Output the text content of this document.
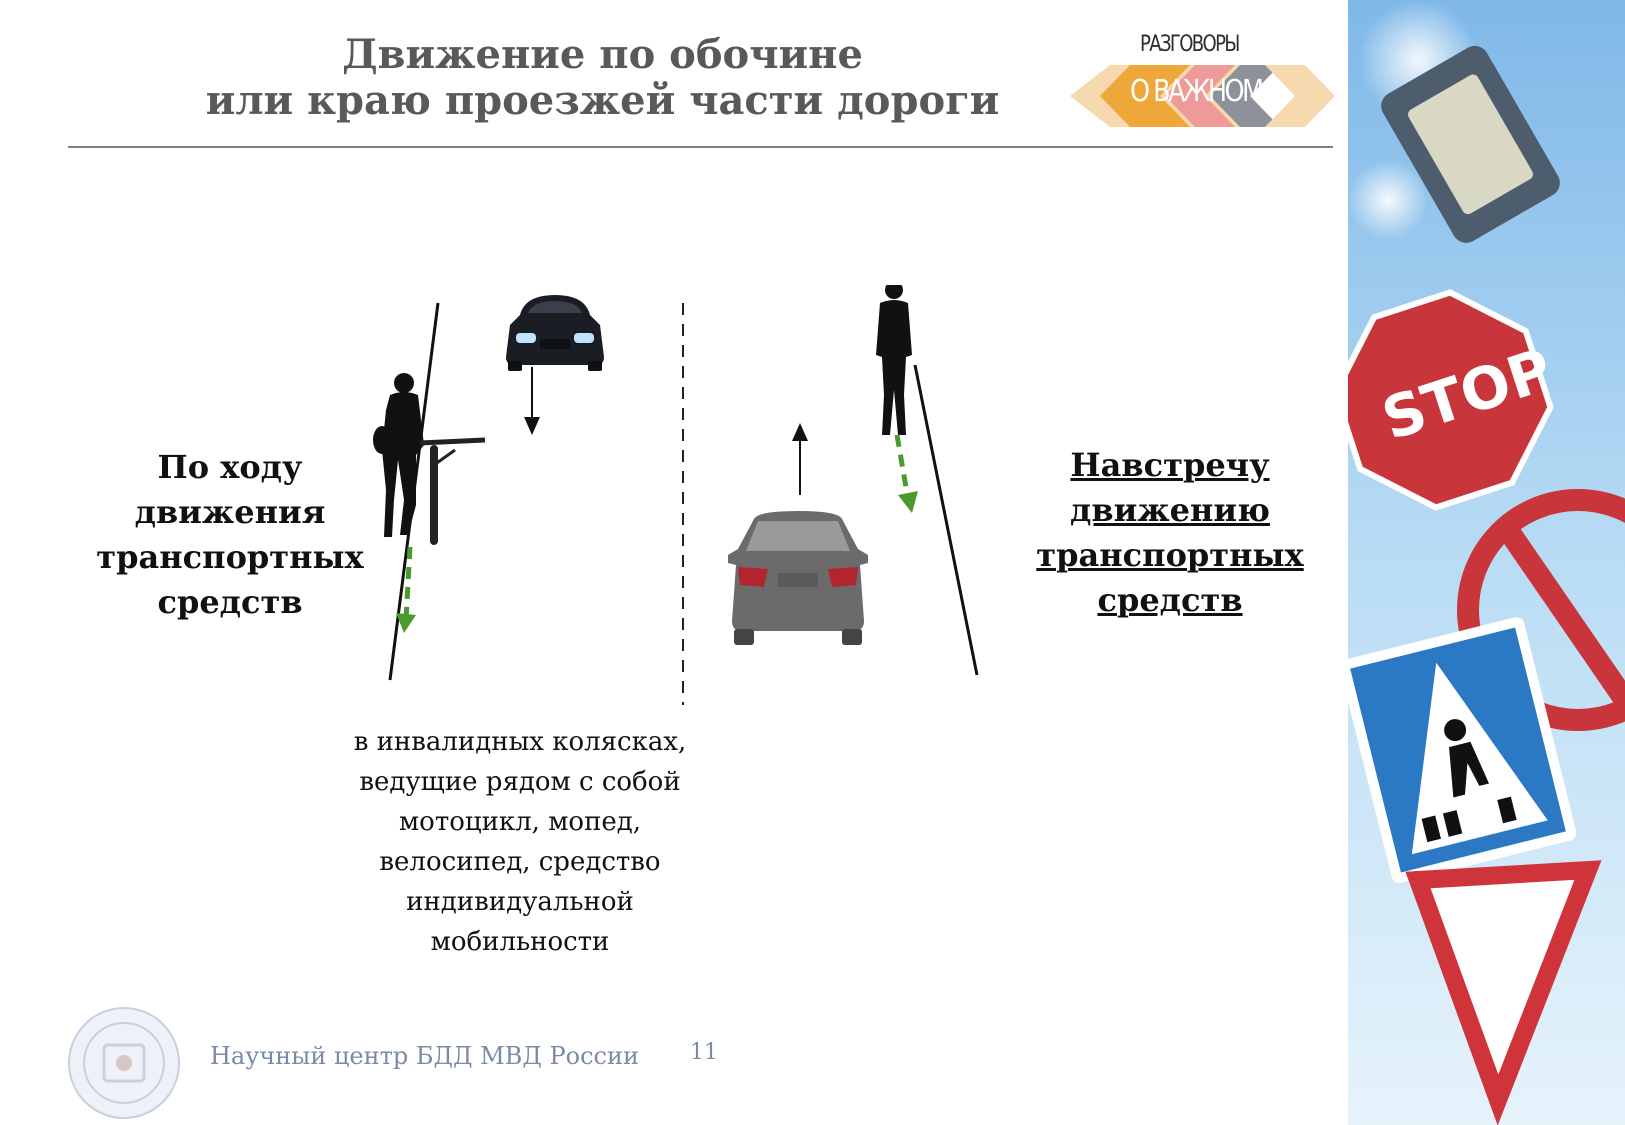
Движение по обочине
или краю проезжей части дороги
РАЗГОВОРЫ
О ВАЖНОМ
По ходу
движения
транспортных
средств
Навстречу
движению
транспортных
средств
в инвалидных колясках,
ведущие рядом с собой
мотоцикл, мопед,
велосипед, средство
индивидуальной
мобильности
Научный центр БДД МВД России 11
STOP
